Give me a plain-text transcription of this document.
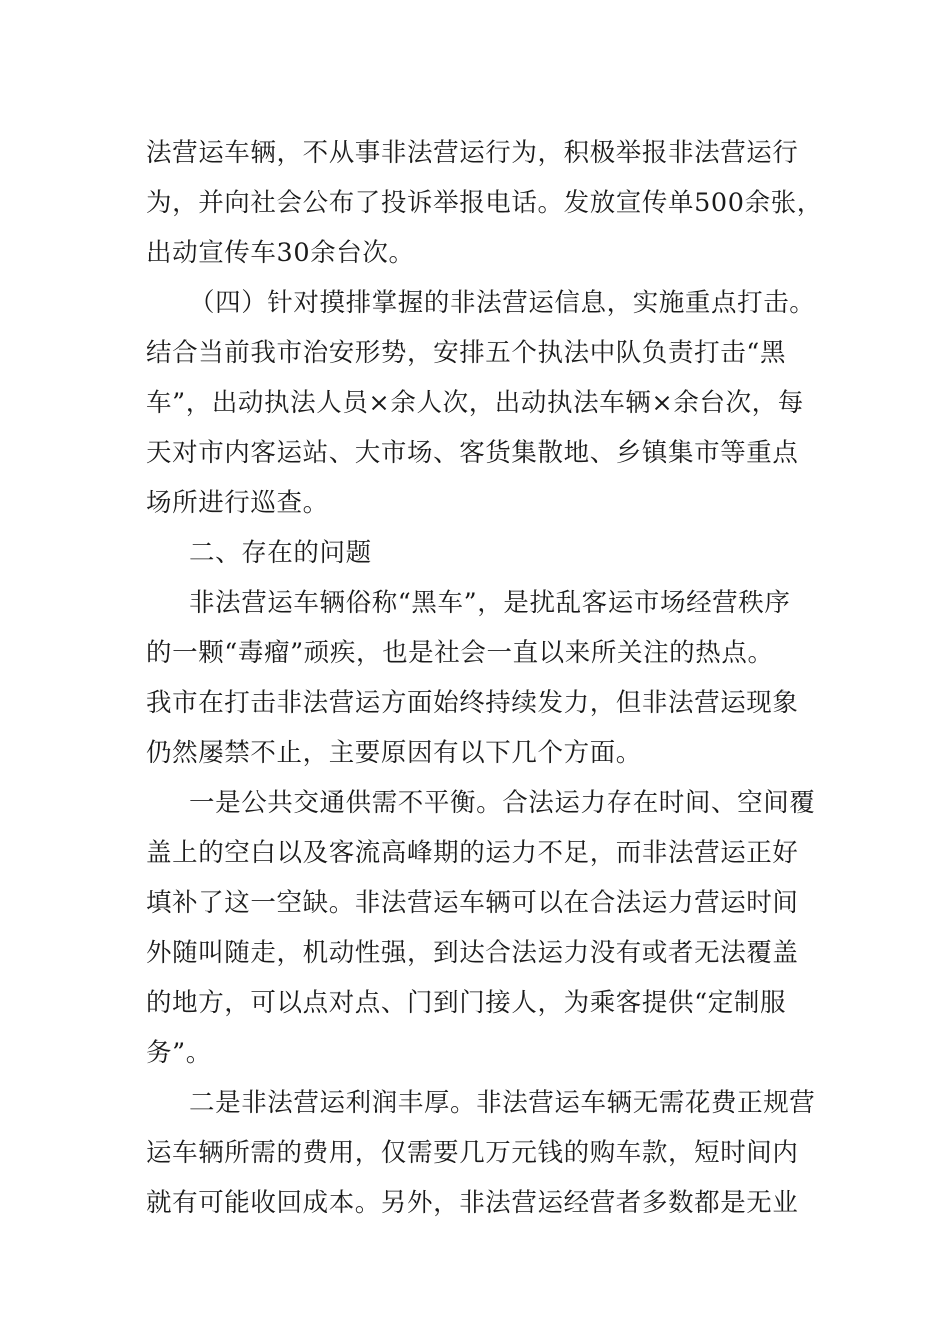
法营运车辆，不从事非法营运行为，积极举报非法营运行
为，并向社会公布了投诉举报电话。发放宣传单500余张，
出动宣传车30余台次。
（四）针对摸排掌握的非法营运信息，实施重点打击。
结合当前我市治安形势，安排五个执法中队负责打击“黑
车”，出动执法人员×余人次，出动执法车辆×余台次，每
天对市内客运站、大市场、客货集散地、乡镇集市等重点
场所进行巡查。
二、存在的问题
非法营运车辆俗称“黑车”，是扰乱客运市场经营秩序
的一颗“毒瘤”顽疾，也是社会一直以来所关注的热点。
我市在打击非法营运方面始终持续发力，但非法营运现象
仍然屡禁不止，主要原因有以下几个方面。
一是公共交通供需不平衡。合法运力存在时间、空间覆
盖上的空白以及客流高峰期的运力不足，而非法营运正好
填补了这一空缺。非法营运车辆可以在合法运力营运时间
外随叫随走，机动性强，到达合法运力没有或者无法覆盖
的地方，可以点对点、门到门接人，为乘客提供“定制服
务”。
二是非法营运利润丰厚。非法营运车辆无需花费正规营
运车辆所需的费用，仅需要几万元钱的购车款，短时间内
就有可能收回成本。另外，非法营运经营者多数都是无业
